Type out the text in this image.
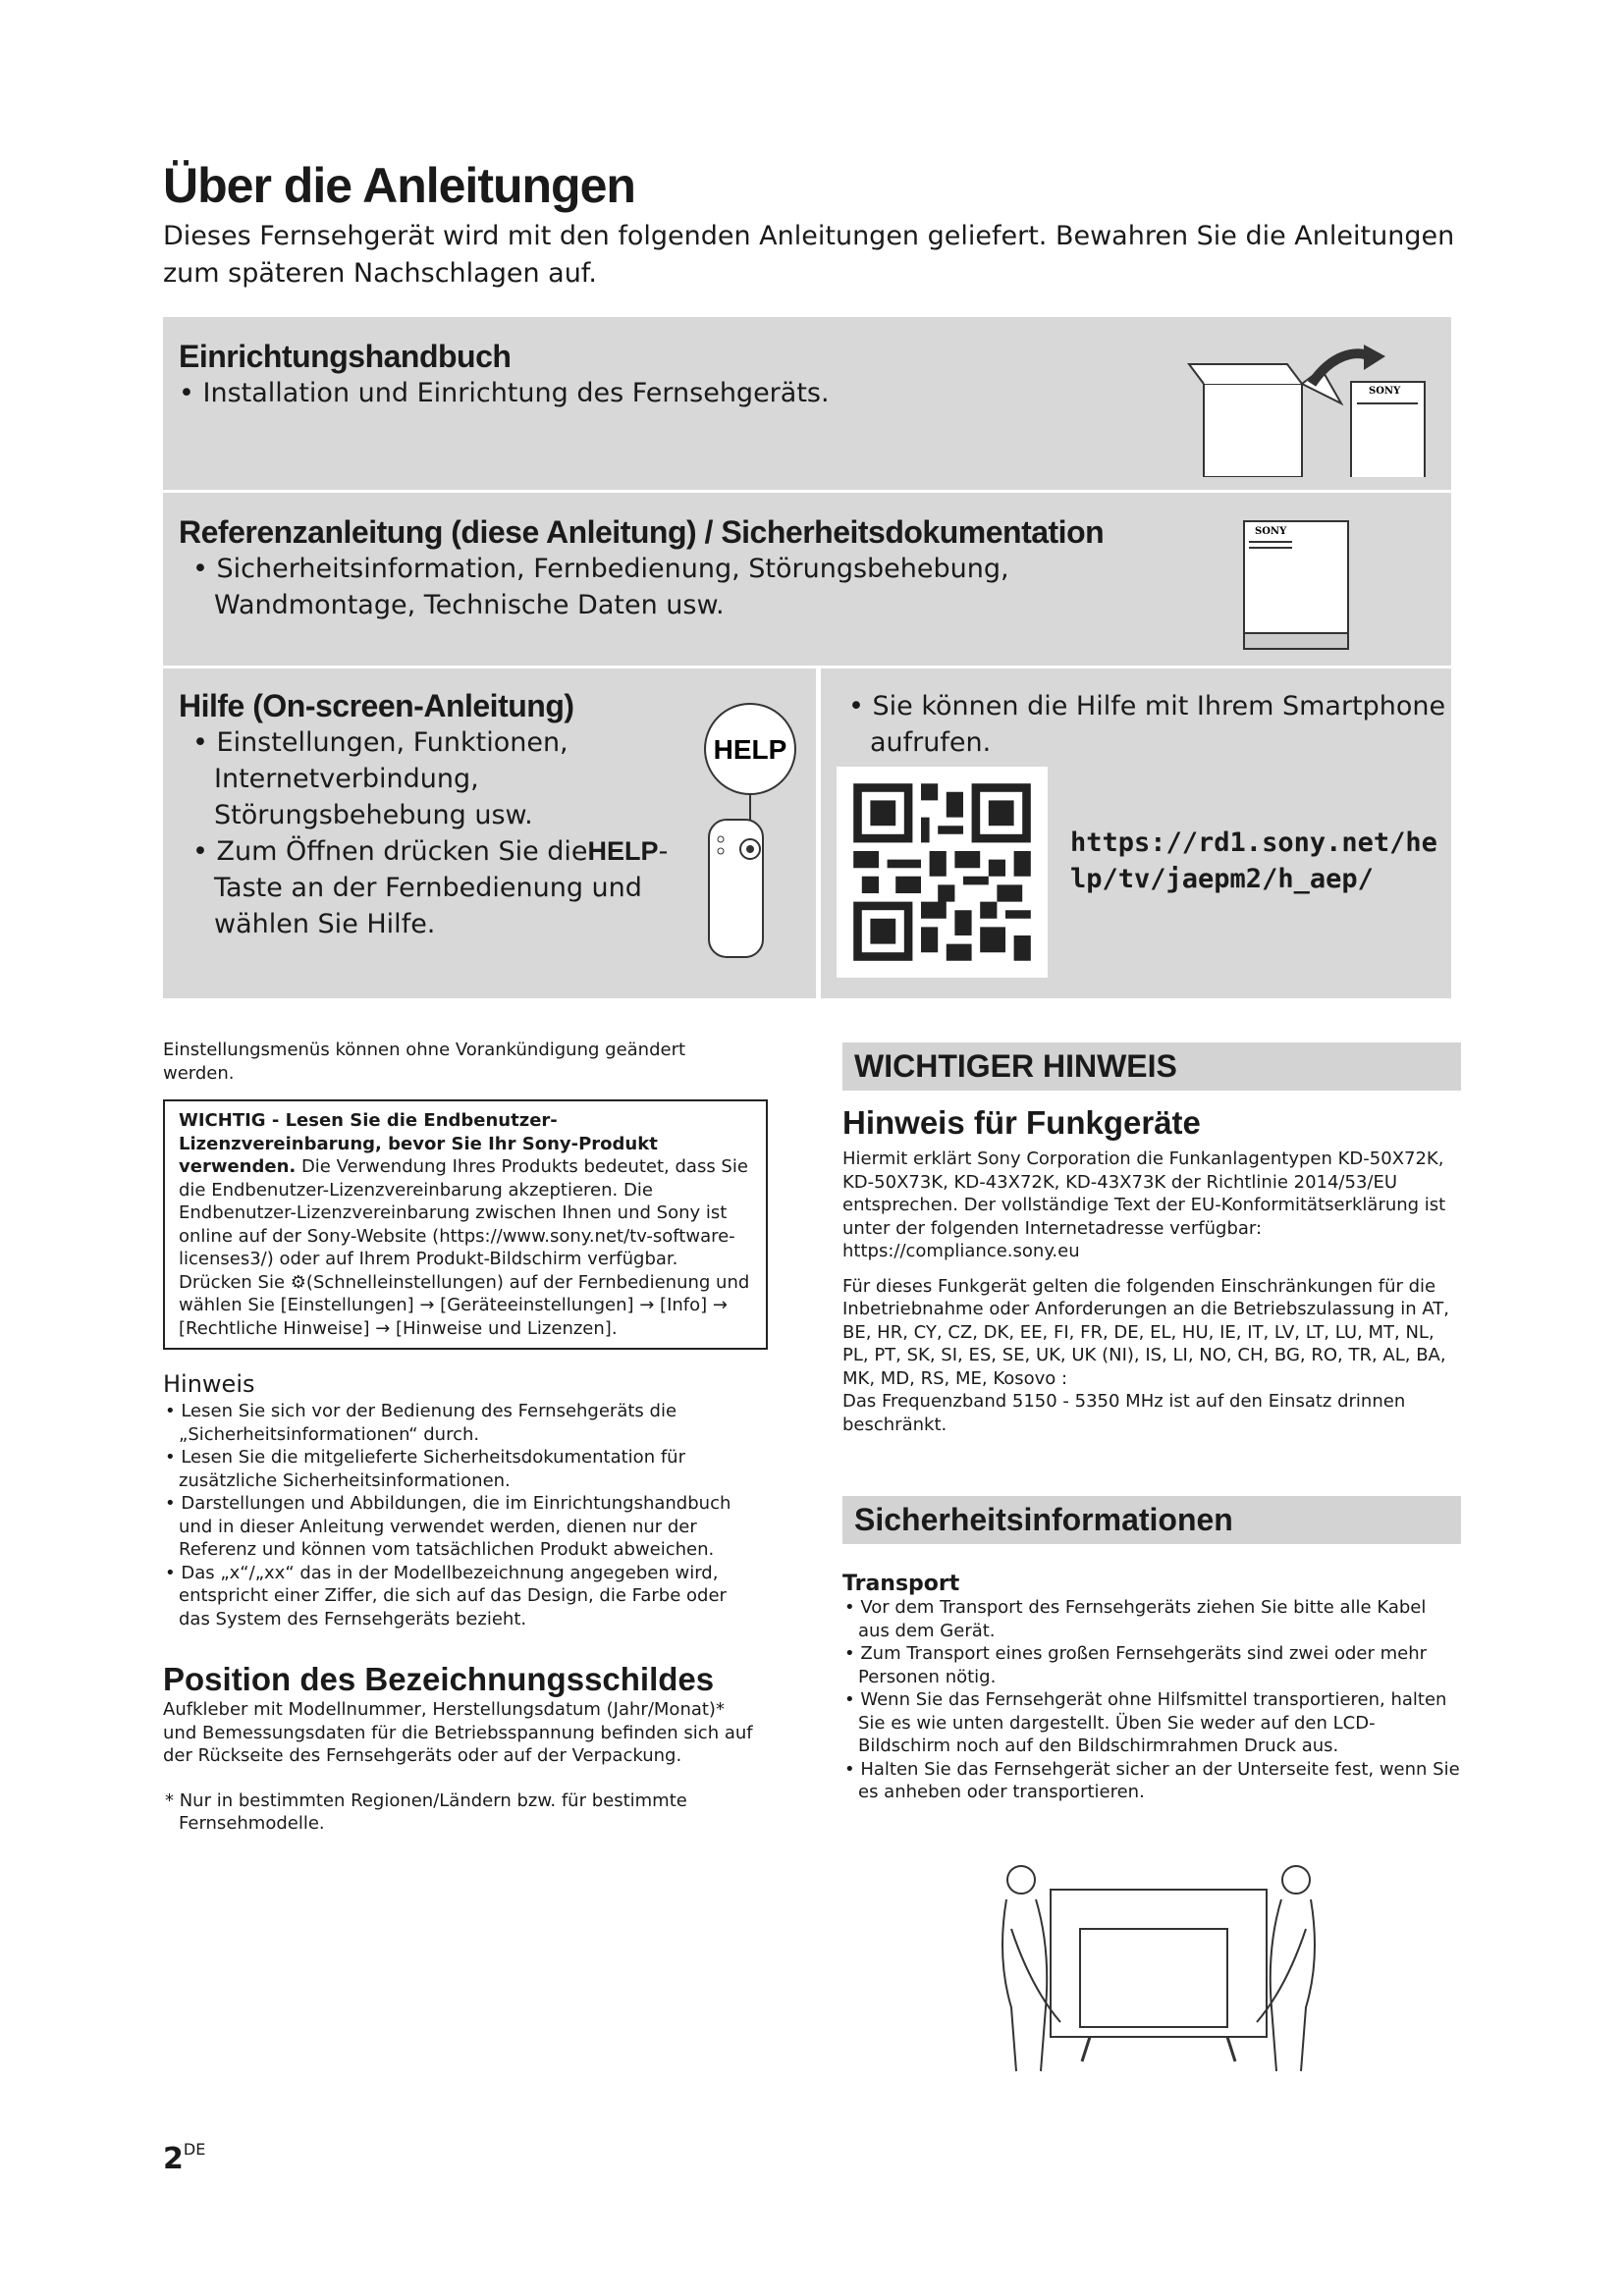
Über die Anleitungen

Dieses Fernsehgerät wird mit den folgenden Anleitungen geliefert. Bewahren Sie die Anleitungen zum späteren Nachschlagen auf.

Einrichtungshandbuch
• Installation und Einrichtung des Fernsehgeräts.	SONY
Referenzanleitung (diese Anleitung) / Sicherheitsdokumentation
• Sicherheitsinformation, Fernbedienung, Störungsbehebung, Wandmontage, Technische Daten usw.
SONY
Hilfe (On-screen-Anleitung)
• Einstellungen, Funktionen, Internetverbindung, Störungsbehebung usw.
• Zum Öffnen drücken Sie dieHELP-Taste an der Fernbedienung und wählen Sie Hilfe.
HELP
• Sie können die Hilfe mit Ihrem Smartphone aufrufen.
https://rd1.sony.net/help/tv/jaepm2/h_aep/
Einstellungsmenüs können ohne Vorankündigung geändert werden.
WICHTIG - Lesen Sie die Endbenutzer-Lizenzvereinbarung, bevor Sie Ihr Sony-Produkt verwenden. Die Verwendung Ihres Produkts bedeutet, dass Sie die Endbenutzer-Lizenzvereinbarung akzeptieren. Die Endbenutzer-Lizenzvereinbarung zwischen Ihnen und Sony ist online auf der Sony-Website (https://www.sony.net/tv-software-licenses3/) oder auf Ihrem Produkt-Bildschirm verfügbar. Drücken Sie ⚙(Schnelleinstellungen) auf der Fernbedienung und wählen Sie [Einstellungen] → [Geräteeinstellungen] → [Info] → [Rechtliche Hinweise] → [Hinweise und Lizenzen].
Hinweis
• Lesen Sie sich vor der Bedienung des Fernsehgeräts die „Sicherheitsinformationen“ durch.
• Lesen Sie die mitgelieferte Sicherheitsdokumentation für zusätzliche Sicherheitsinformationen.
• Darstellungen und Abbildungen, die im Einrichtungshandbuch und in dieser Anleitung verwendet werden, dienen nur der Referenz und können vom tatsächlichen Produkt abweichen.
• Das „x“/„xx“ das in der Modellbezeichnung angegeben wird, entspricht einer Ziffer, die sich auf das Design, die Farbe oder das System des Fernsehgeräts bezieht.
Position des Bezeichnungsschildes
Aufkleber mit Modellnummer, Herstellungsdatum (Jahr/Monat)* und Bemessungsdaten für die Betriebsspannung befinden sich auf der Rückseite des Fernsehgeräts oder auf der Verpackung.
* Nur in bestimmten Regionen/Ländern bzw. für bestimmte Fernsehmodelle.
WICHTIGER HINWEIS
Hinweis für Funkgeräte
Hiermit erklärt Sony Corporation die Funkanlagentypen KD-50X72K, KD-50X73K, KD-43X72K, KD-43X73K der Richtlinie 2014/53/EU entsprechen. Der vollständige Text der EU-Konformitätserklärung ist unter der folgenden Internetadresse verfügbar: https://compliance.sony.eu
Für dieses Funkgerät gelten die folgenden Einschränkungen für die Inbetriebnahme oder Anforderungen an die Betriebszulassung in AT, BE, HR, CY, CZ, DK, EE, FI, FR, DE, EL, HU, IE, IT, LV, LT, LU, MT, NL, PL, PT, SK, SI, ES, SE, UK, UK (NI), IS, LI, NO, CH, BG, RO, TR, AL, BA, MK, MD, RS, ME, Kosovo :
Das Frequenzband 5150 - 5350 MHz ist auf den Einsatz drinnen beschränkt.
Sicherheitsinformationen
Transport
• Vor dem Transport des Fernsehgeräts ziehen Sie bitte alle Kabel aus dem Gerät.
• Zum Transport eines großen Fernsehgeräts sind zwei oder mehr Personen nötig.
• Wenn Sie das Fernsehgerät ohne Hilfsmittel transportieren, halten Sie es wie unten dargestellt. Üben Sie weder auf den LCD-Bildschirm noch auf den Bildschirmrahmen Druck aus.
• Halten Sie das Fernsehgerät sicher an der Unterseite fest, wenn Sie es anheben oder transportieren.
2DE
